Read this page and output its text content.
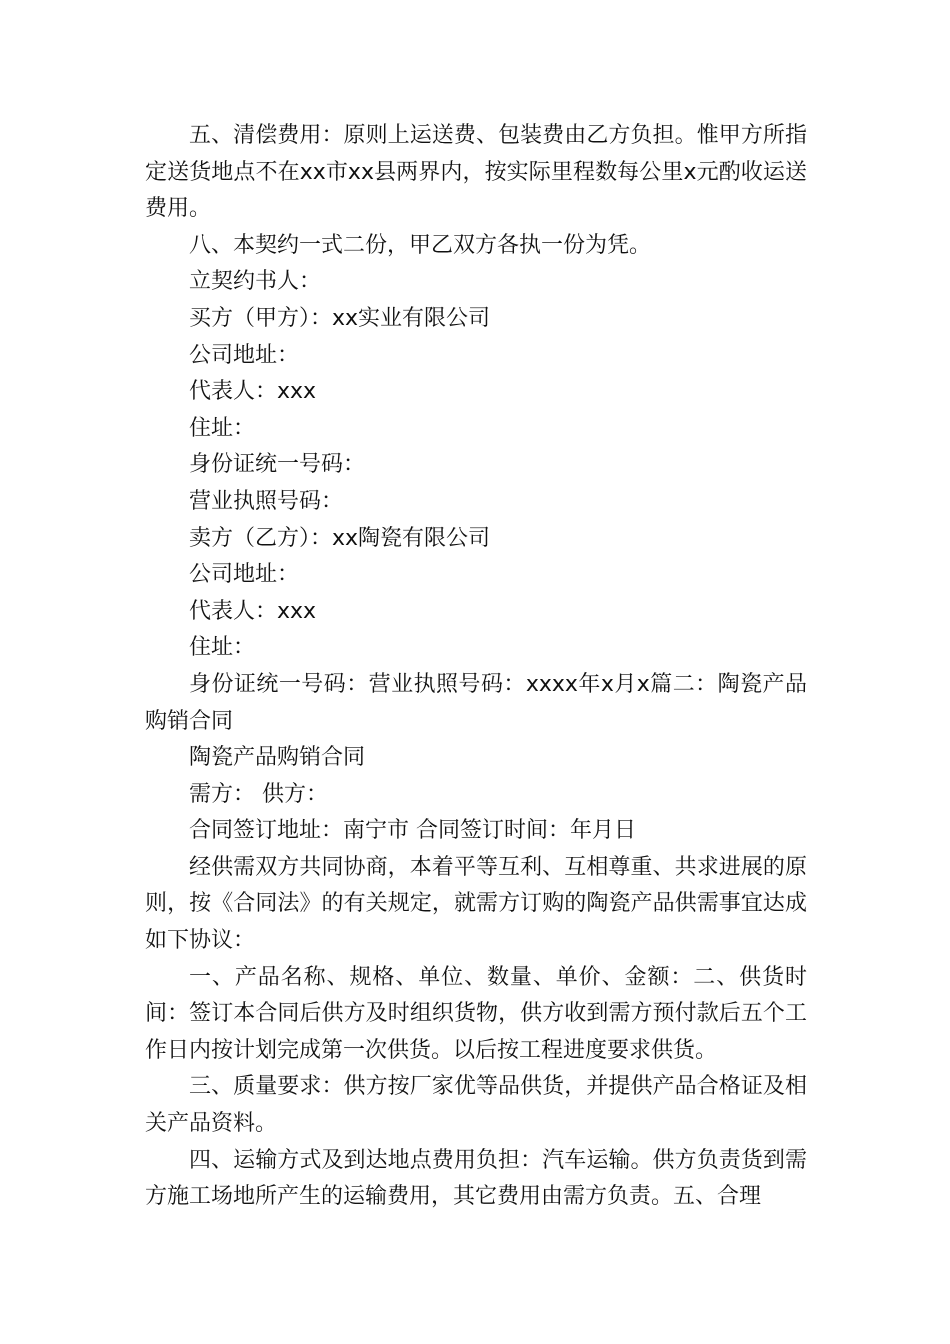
五、清偿费用：原则上运送费、包装费由乙方负担。惟甲方所指定送货地点不在xx市xx县两界内，按实际里程数每公里x元酌收运送费用。

八、本契约一式二份，甲乙双方各执一份为凭。

立契约书人：

买方（甲方）：xx实业有限公司

公司地址：

代表人：xxx

住址：

身份证统一号码：

营业执照号码：

卖方（乙方）：xx陶瓷有限公司

公司地址：

代表人：xxx

住址：

身份证统一号码：营业执照号码：xxxx年x月x篇二：陶瓷产品购销合同

陶瓷产品购销合同

需方： 供方：

合同签订地址：南宁市 合同签订时间：年月日

经供需双方共同协商，本着平等互利、互相尊重、共求进展的原则，按《合同法》的有关规定，就需方订购的陶瓷产品供需事宜达成如下协议：

一、产品名称、规格、单位、数量、单价、金额：二、供货时间：签订本合同后供方及时组织货物，供方收到需方预付款后五个工作日内按计划完成第一次供货。以后按工程进度要求供货。

三、质量要求：供方按厂家优等品供货，并提供产品合格证及相关产品资料。

四、运输方式及到达地点费用负担：汽车运输。供方负责货到需方施工场地所产生的运输费用，其它费用由需方负责。五、合理
